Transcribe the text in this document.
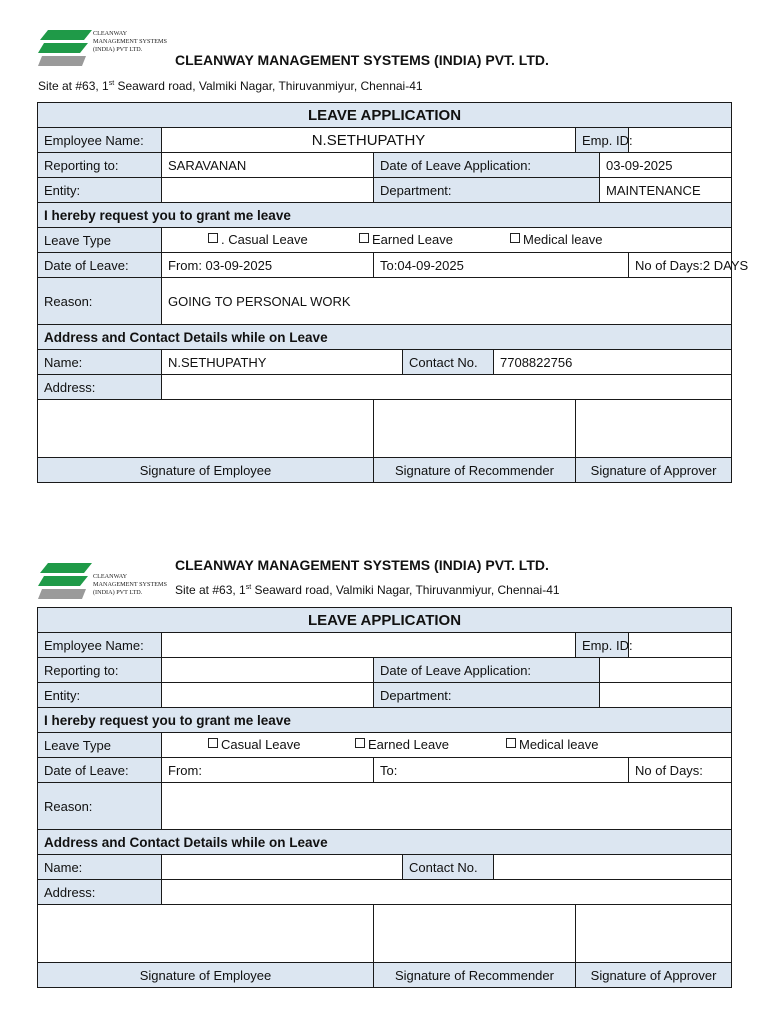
CLEANWAY
MANAGEMENT SYSTEMS
(INDIA) PVT LTD.
CLEANWAY MANAGEMENT SYSTEMS (INDIA) PVT. LTD.
Site at #63, 1st Seaward road, Valmiki Nagar, Thiruvanmiyur, Chennai-41
LEAVE APPLICATION							
Employee Name:	N.SETHUPATHY				Emp. ID:		
Reporting to:	SARAVANAN	Date of Leave Application:				03-09-2025	
Entity:		Department:				MAINTENANCE	
I hereby request you to grant me leave							
Leave Type	. Casual Leave Earned Leave Medical leave						

Date of Leave:	From: 03-09-2025	To:04-09-2025					No of Days:2 DAYS
Reason:	GOING TO PERSONAL WORK						
Address and Contact Details while on Leave							
Name:	N.SETHUPATHY		Contact No.	7708822756			
Address:							

Signature of Employee		Signature of Recommender			Signature of Approver		
CLEANWAY
MANAGEMENT SYSTEMS
(INDIA) PVT LTD.
CLEANWAY MANAGEMENT SYSTEMS (INDIA) PVT. LTD.
Site at #63, 1st Seaward road, Valmiki Nagar, Thiruvanmiyur, Chennai-41
LEAVE APPLICATION							
Employee Name:					Emp. ID:		
Reporting to:		Date of Leave Application:					
Entity:		Department:					
I hereby request you to grant me leave							
Leave Type	Casual Leave Earned Leave Medical leave						

Date of Leave:	From:	To:					No of Days:
Reason:							
Address and Contact Details while on Leave							
Name:			Contact No.				
Address:							

Signature of Employee		Signature of Recommender			Signature of Approver		
